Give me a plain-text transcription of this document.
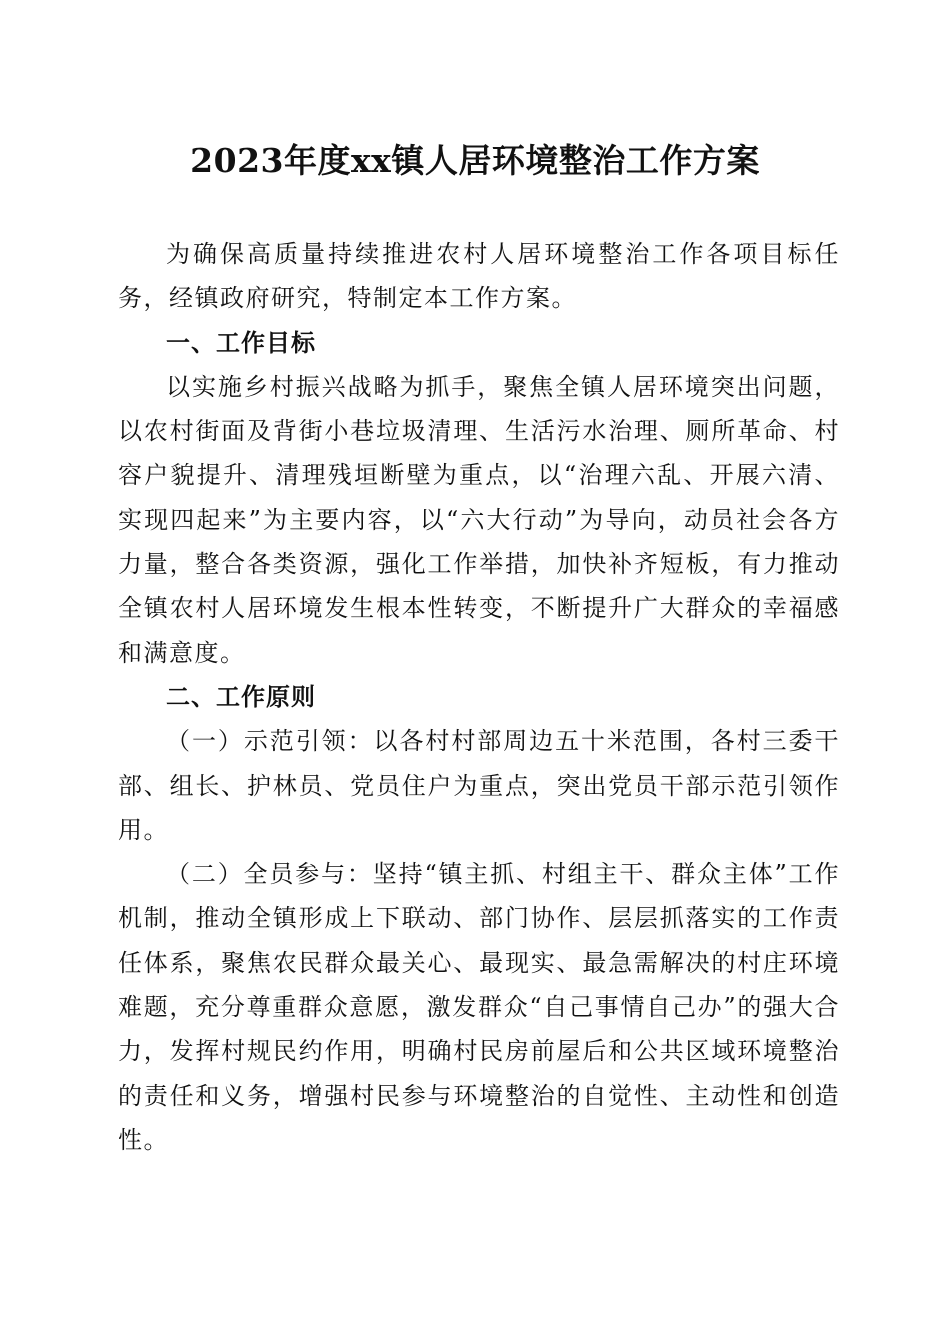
2023年度xx镇人居环境整治工作方案

为确保高质量持续推进农村人居环境整治工作各项目标任务，经镇政府研究，特制定本工作方案。

一、工作目标

以实施乡村振兴战略为抓手，聚焦全镇人居环境突出问题，以农村街面及背街小巷垃圾清理、生活污水治理、厕所革命、村容户貌提升、清理残垣断壁为重点，以“治理六乱、开展六清、实现四起来”为主要内容，以“六大行动”为导向，动员社会各方力量，整合各类资源，强化工作举措，加快补齐短板，有力推动全镇农村人居环境发生根本性转变，不断提升广大群众的幸福感和满意度。

二、工作原则

（一）示范引领：以各村村部周边五十米范围，各村三委干部、组长、护林员、党员住户为重点，突出党员干部示范引领作用。

（二）全员参与：坚持“镇主抓、村组主干、群众主体”工作机制，推动全镇形成上下联动、部门协作、层层抓落实的工作责任体系，聚焦农民群众最关心、最现实、最急需解决的村庄环境难题，充分尊重群众意愿，激发群众“自己事情自己办”的强大合力，发挥村规民约作用，明确村民房前屋后和公共区域环境整治的责任和义务，增强村民参与环境整治的自觉性、主动性和创造性。
